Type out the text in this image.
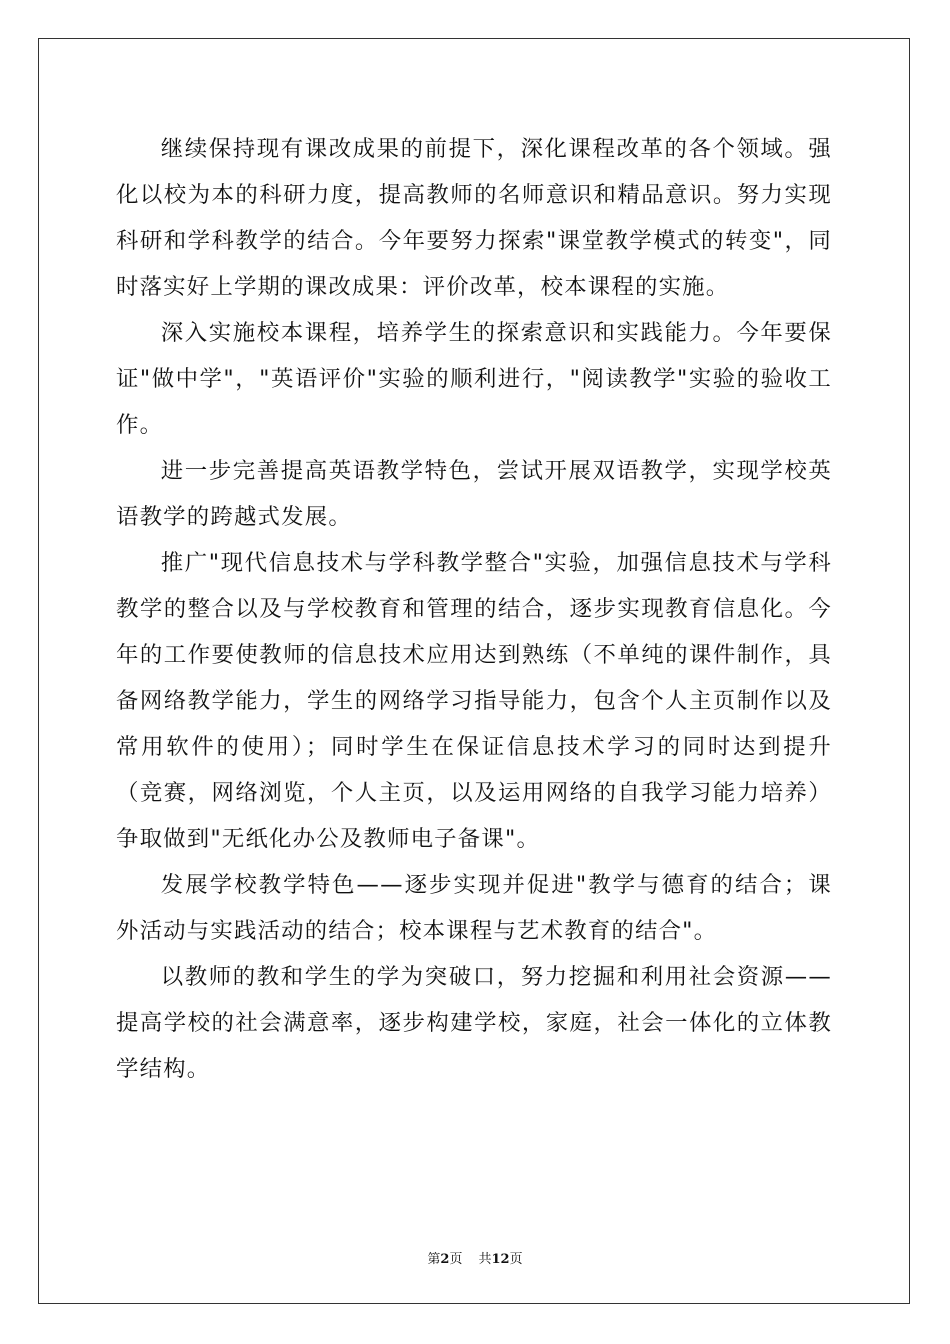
继续保持现有课改成果的前提下，深化课程改革的各个领域。强化以校为本的科研力度，提高教师的名师意识和精品意识。努力实现科研和学科教学的结合。今年要努力探索"课堂教学模式的转变"，同时落实好上学期的课改成果：评价改革，校本课程的实施。

深入实施校本课程，培养学生的探索意识和实践能力。今年要保证"做中学"，"英语评价"实验的顺利进行，"阅读教学"实验的验收工作。

进一步完善提高英语教学特色，尝试开展双语教学，实现学校英语教学的跨越式发展。

推广"现代信息技术与学科教学整合"实验，加强信息技术与学科教学的整合以及与学校教育和管理的结合，逐步实现教育信息化。今年的工作要使教师的信息技术应用达到熟练（不单纯的课件制作，具备网络教学能力，学生的网络学习指导能力，包含个人主页制作以及常用软件的使用）；同时学生在保证信息技术学习的同时达到提升（竞赛，网络浏览，个人主页，以及运用网络的自我学习能力培养）争取做到"无纸化办公及教师电子备课"。

发展学校教学特色——逐步实现并促进"教学与德育的结合；课外活动与实践活动的结合；校本课程与艺术教育的结合"。

以教师的教和学生的学为突破口，努力挖掘和利用社会资源——提高学校的社会满意率，逐步构建学校，家庭，社会一体化的立体教学结构。

第2页 共12页
